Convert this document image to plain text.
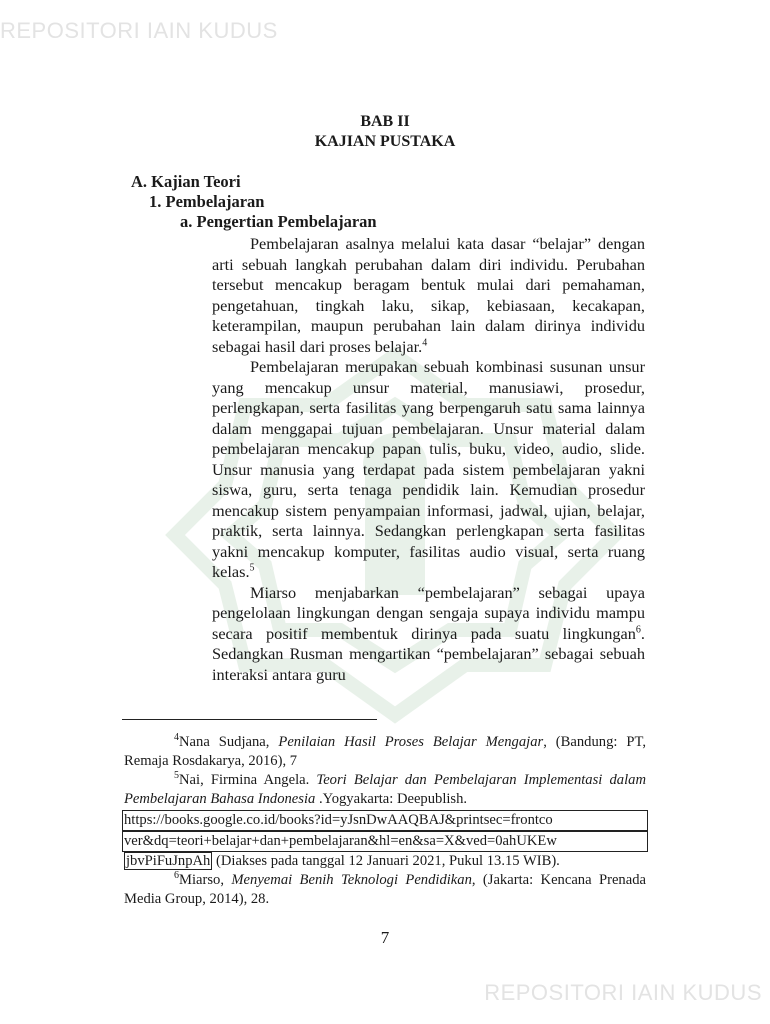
REPOSITORI IAIN KUDUS
BAB II
KAJIAN PUSTAKA
A. Kajian Teori
1. Pembelajaran
a. Pengertian Pembelajaran

Pembelajaran asalnya melalui kata dasar “belajar” dengan arti sebuah langkah perubahan dalam diri individu. Perubahan tersebut mencakup beragam bentuk mulai dari pemahaman, pengetahuan, tingkah laku, sikap, kebiasaan, kecakapan, keterampilan, maupun perubahan lain dalam dirinya individu sebagai hasil dari proses belajar.$^4$

Pembelajaran merupakan sebuah kombinasi susunan unsur yang mencakup unsur material, manusiawi, prosedur, perlengkapan, serta fasilitas yang berpengaruh satu sama lainnya dalam menggapai tujuan pembelajaran. Unsur material dalam pembelajaran mencakup papan tulis, buku, video, audio, slide. Unsur manusia yang terdapat pada sistem pembelajaran yakni siswa, guru, serta tenaga pendidik lain. Kemudian prosedur mencakup sistem penyampaian informasi, jadwal, ujian, belajar, praktik, serta lainnya. Sedangkan perlengkapan serta fasilitas yakni mencakup komputer, fasilitas audio visual, serta ruang kelas.$^5$

Miarso menjabarkan “pembelajaran” sebagai upaya pengelolaan lingkungan dengan sengaja supaya individu mampu secara positif membentuk dirinya pada suatu lingkungan$^6$. Sedangkan Rusman mengartikan “pembelajaran” sebagai sebuah interaksi antara guru

$^4$Nana Sudjana, Penilaian Hasil Proses Belajar Mengajar, (Bandung: PT, Remaja Rosdakarya, 2016), 7

$^5$Nai, Firmina Angela. Teori Belajar dan Pembelajaran Implementasi dalam Pembelajaran Bahasa Indonesia .Yogyakarta: Deepublish.

https://books.google.co.id/books?id=yJsnDwAAQBAJ&printsec=frontco
ver&dq=teori+belajar+dan+pembelajaran&hl=en&sa=X&ved=0ahUKEw
jbvPiFuJnpAh (Diakses pada tanggal 12 Januari 2021, Pukul 13.15 WIB).

$^6$Miarso, Menyemai Benih Teknologi Pendidikan, (Jakarta: Kencana Prenada Media Group, 2014), 28.

7
REPOSITORI IAIN KUDUS
